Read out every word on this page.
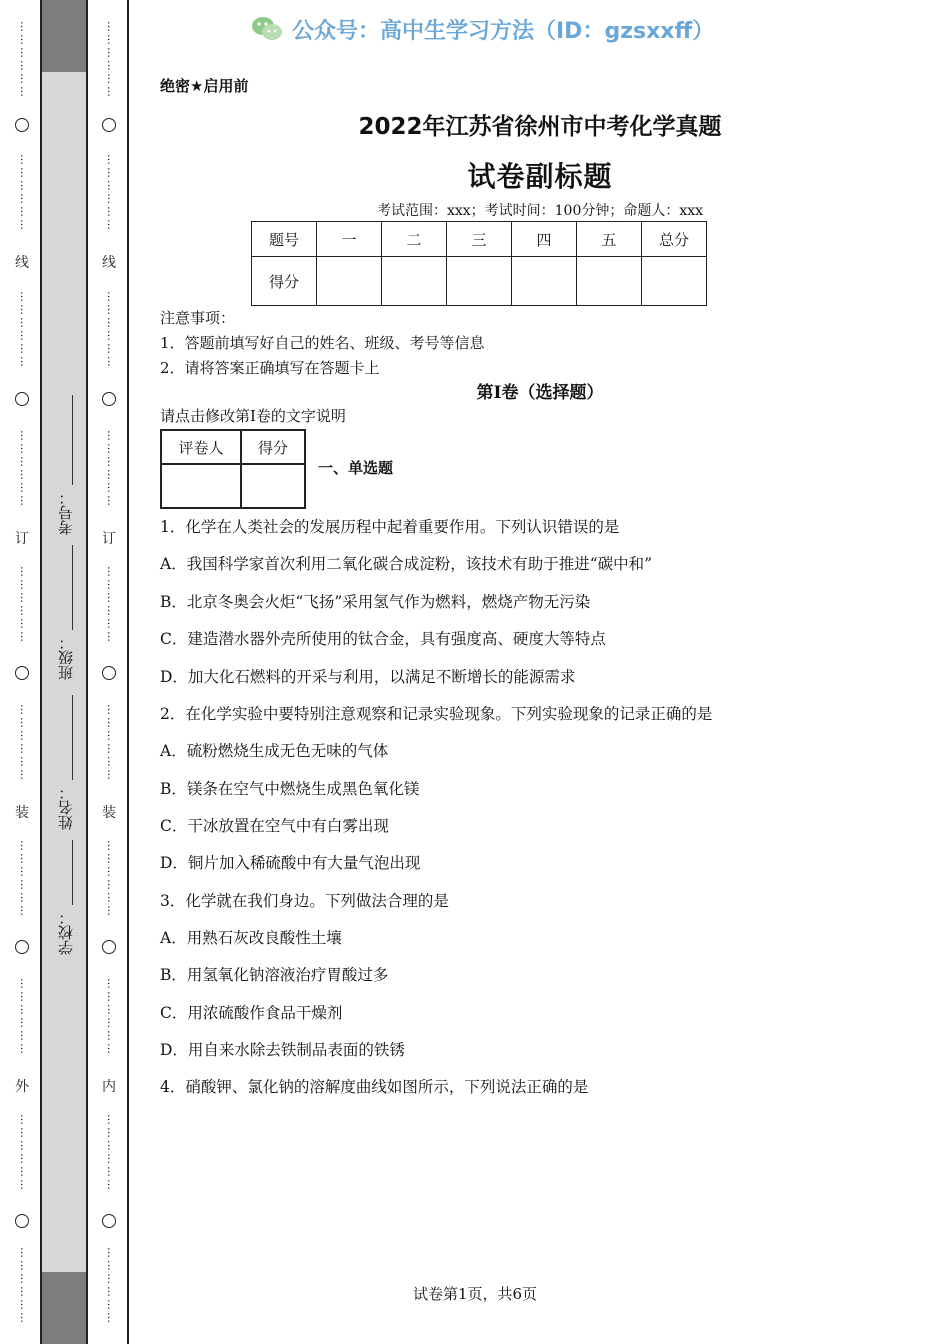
………………
………………
线
………………
………………
订
………………
………………
装
………………
………………
外
………………
………………
………………
………………
线
………………
………………
订
………………
………………
装
………………
………………
内
………………
………………
考号：
班级：
姓名：
学校：
公众号：高中生学习方法（ID：gzsxxff）
绝密★启用前
2022年江苏省徐州市中考化学真题
试卷副标题
考试范围：xxx；考试时间：100分钟；命题人：xxx
题号	一	二	三	四	五	总分
得分						
注意事项：
1．答题前填写好自己的姓名、班级、考号等信息
2．请将答案正确填写在答题卡上
第I卷（选择题）
请点击修改第I卷的文字说明
评卷人	得分

一、单选题
1．化学在人类社会的发展历程中起着重要作用。下列认识错误的是
A．我国科学家首次利用二氧化碳合成淀粉，该技术有助于推进“碳中和”
B．北京冬奥会火炬“飞扬”采用氢气作为燃料，燃烧产物无污染
C．建造潜水器外壳所使用的钛合金，具有强度高、硬度大等特点
D．加大化石燃料的开采与利用，以满足不断增长的能源需求
2．在化学实验中要特别注意观察和记录实验现象。下列实验现象的记录正确的是
A．硫粉燃烧生成无色无味的气体
B．镁条在空气中燃烧生成黑色氧化镁
C．干冰放置在空气中有白雾出现
D．铜片加入稀硫酸中有大量气泡出现
3．化学就在我们身边。下列做法合理的是
A．用熟石灰改良酸性土壤
B．用氢氧化钠溶液治疗胃酸过多
C．用浓硫酸作食品干燥剂
D．用自来水除去铁制品表面的铁锈
4．硝酸钾、氯化钠的溶解度曲线如图所示，下列说法正确的是
试卷第1页，共6页
